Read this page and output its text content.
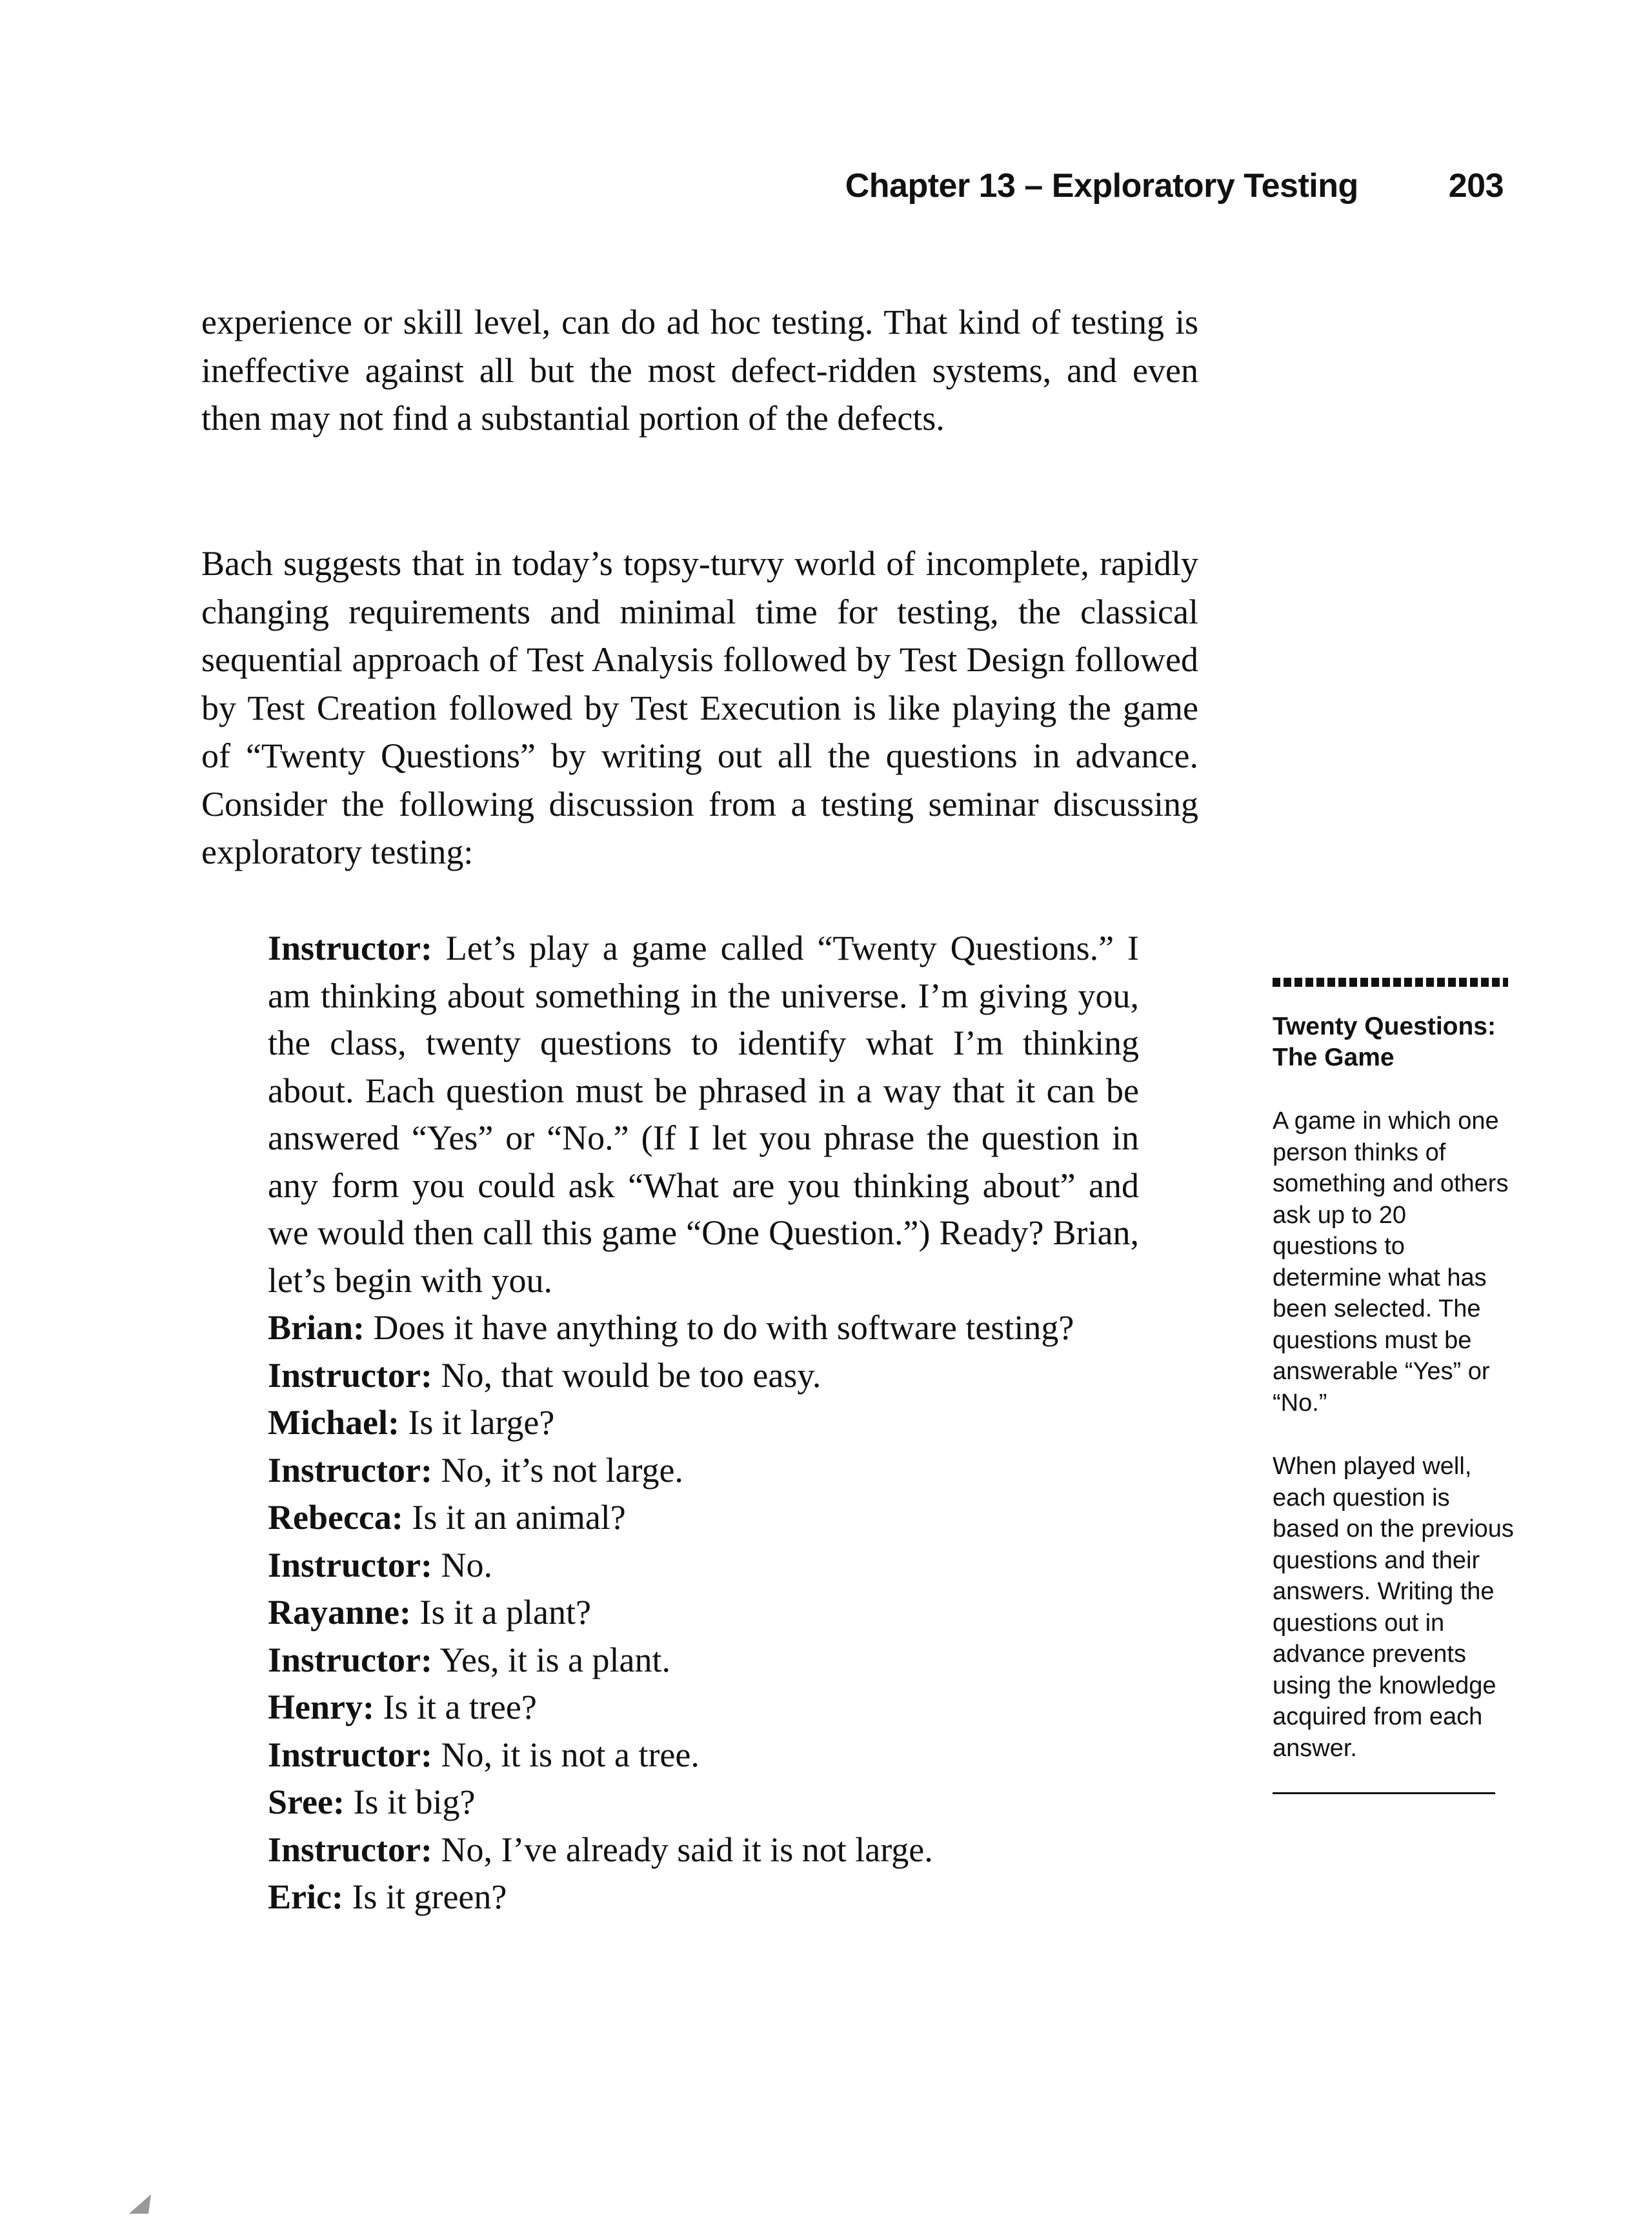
Chapter 13 – Exploratory Testing	203

experience or skill level, can do ad hoc testing. That kind of testing is ineffective against all but the most defect-ridden systems, and even then may not find a substantial portion of the defects.

Bach suggests that in today’s topsy-turvy world of incomplete, rapidly changing requirements and minimal time for testing, the classical sequential approach of Test Analysis followed by Test Design followed by Test Creation followed by Test Execution is like playing the game of “Twenty Questions” by writing out all the questions in advance. Consider the following discussion from a testing seminar discussing exploratory testing:

Instructor: Let’s play a game called “Twenty Questions.” I am thinking about something in the universe. I’m giving you, the class, twenty questions to identify what I’m thinking about. Each question must be phrased in a way that it can be answered “Yes” or “No.” (If I let you phrase the question in any form you could ask “What are you thinking about” and we would then call this game “One Question.”) Ready? Brian, let’s begin with you.

Brian: Does it have anything to do with software testing?

Instructor: No, that would be too easy.

Michael: Is it large?

Instructor: No, it’s not large.

Rebecca: Is it an animal?

Instructor: No.

Rayanne: Is it a plant?

Instructor: Yes, it is a plant.

Henry: Is it a tree?

Instructor: No, it is not a tree.

Sree: Is it big?

Instructor: No, I’ve already said it is not large.

Eric: Is it green?

Twenty Questions:
The Game

A game in which one person thinks of something and others ask up to 20 questions to determine what has been selected. The questions must be answerable “Yes” or “No.”

When played well, each question is based on the previous questions and their answers. Writing the questions out in advance prevents using the knowledge acquired from each answer.
